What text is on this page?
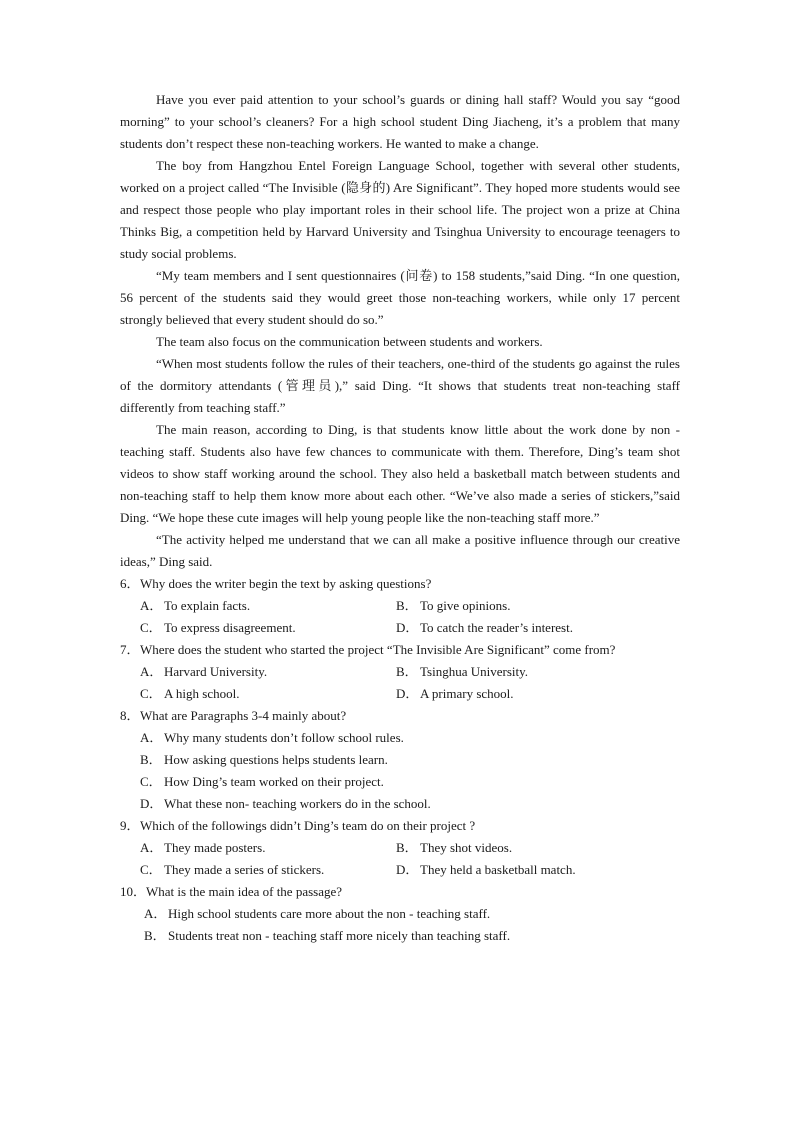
Have you ever paid attention to your school’s guards or dining hall staff? Would you say “good morning” to your school’s cleaners? For a high school student Ding Jiacheng, it’s a problem that many students don’t respect these non-teaching workers. He wanted to make a change.

The boy from Hangzhou Entel Foreign Language School, together with several other students, worked on a project called “The Invisible (隐身的) Are Significant”. They hoped more students would see and respect those people who play important roles in their school life. The project won a prize at China Thinks Big, a competition held by Harvard University and Tsinghua University to encourage teenagers to study social problems.

“My team members and I sent questionnaires (问卷) to 158 students,”said Ding. “In one question, 56 percent of the students said they would greet those non-teaching workers, while only 17 percent strongly believed that every student should do so.”

The team also focus on the communication between students and workers.

“When most students follow the rules of their teachers, one-third of the students go against the rules of the dormitory attendants (管理员),” said Ding. “It shows that students treat non-teaching staff differently from teaching staff.”

The main reason, according to Ding, is that students know little about the work done by non - teaching staff. Students also have few chances to communicate with them. Therefore, Ding’s team shot videos to show staff working around the school. They also held a basketball match between students and non-teaching staff to help them know more about each other. “We’ve also made a series of stickers,”said Ding. “We hope these cute images will help young people like the non-teaching staff more.”

“The activity helped me understand that we can all make a positive influence through our creative ideas,” Ding said.

6．Why does the writer begin the text by asking questions?

A． To explain facts.	B． To give opinions.

C． To express disagreement.	D． To catch the reader’s interest.

7．Where does the student who started the project “The Invisible Are Significant” come from?

A． Harvard University.	B． Tsinghua University.

C． A high school.	D． A primary school.

8．What are Paragraphs 3-4 mainly about?

A． Why many students don’t follow school rules.

B． How asking questions helps students learn.

C． How Ding’s team worked on their project.

D． What these non- teaching workers do in the school.

9．Which of the followings didn’t Ding’s team do on their project ?

A． They made posters.	B． They shot videos.

C． They made a series of stickers.	D． They held a basketball match.

10．What is the main idea of the passage?

A． High school students care more about the non - teaching staff.

B． Students treat non - teaching staff more nicely than teaching staff.
